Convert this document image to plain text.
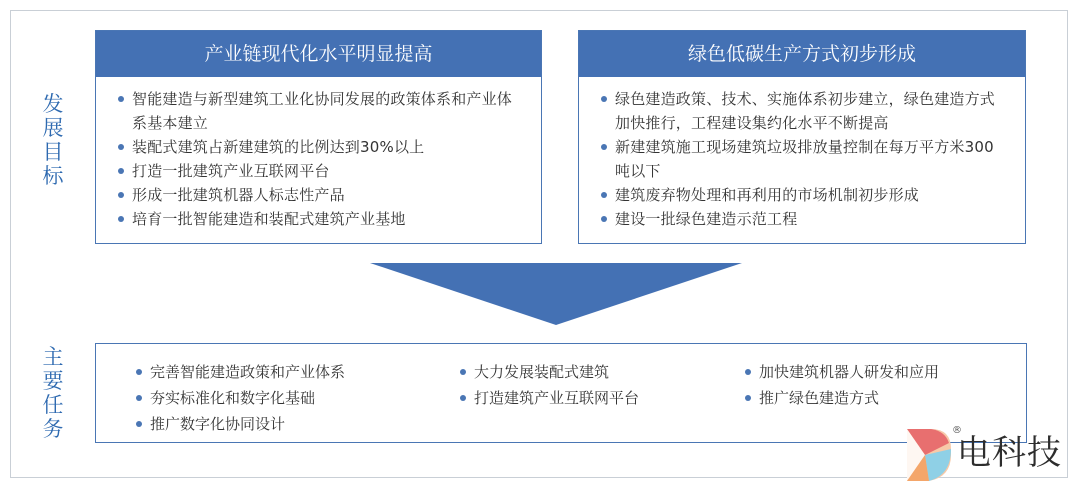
发
展
目
标
主
要
任
务
产业链现代化水平明显提高
智能建造与新型建筑工业化协同发展的政策体系和产业体系基本建立
装配式建筑占新建建筑的比例达到30%以上
打造一批建筑产业互联网平台
形成一批建筑机器人标志性产品
培育一批智能建造和装配式建筑产业基地
绿色低碳生产方式初步形成
绿色建造政策、技术、实施体系初步建立，绿色建造方式加快推行，工程建设集约化水平不断提高
新建建筑施工现场建筑垃圾排放量控制在每万平方米300吨以下
建筑废弃物处理和再利用的市场机制初步形成
建设一批绿色建造示范工程
完善智能建造政策和产业体系	大力发展装配式建筑	加快建筑机器人研发和应用
夯实标准化和数字化基础	打造建筑产业互联网平台	推广绿色建造方式
推广数字化协同设计	®
电科技
